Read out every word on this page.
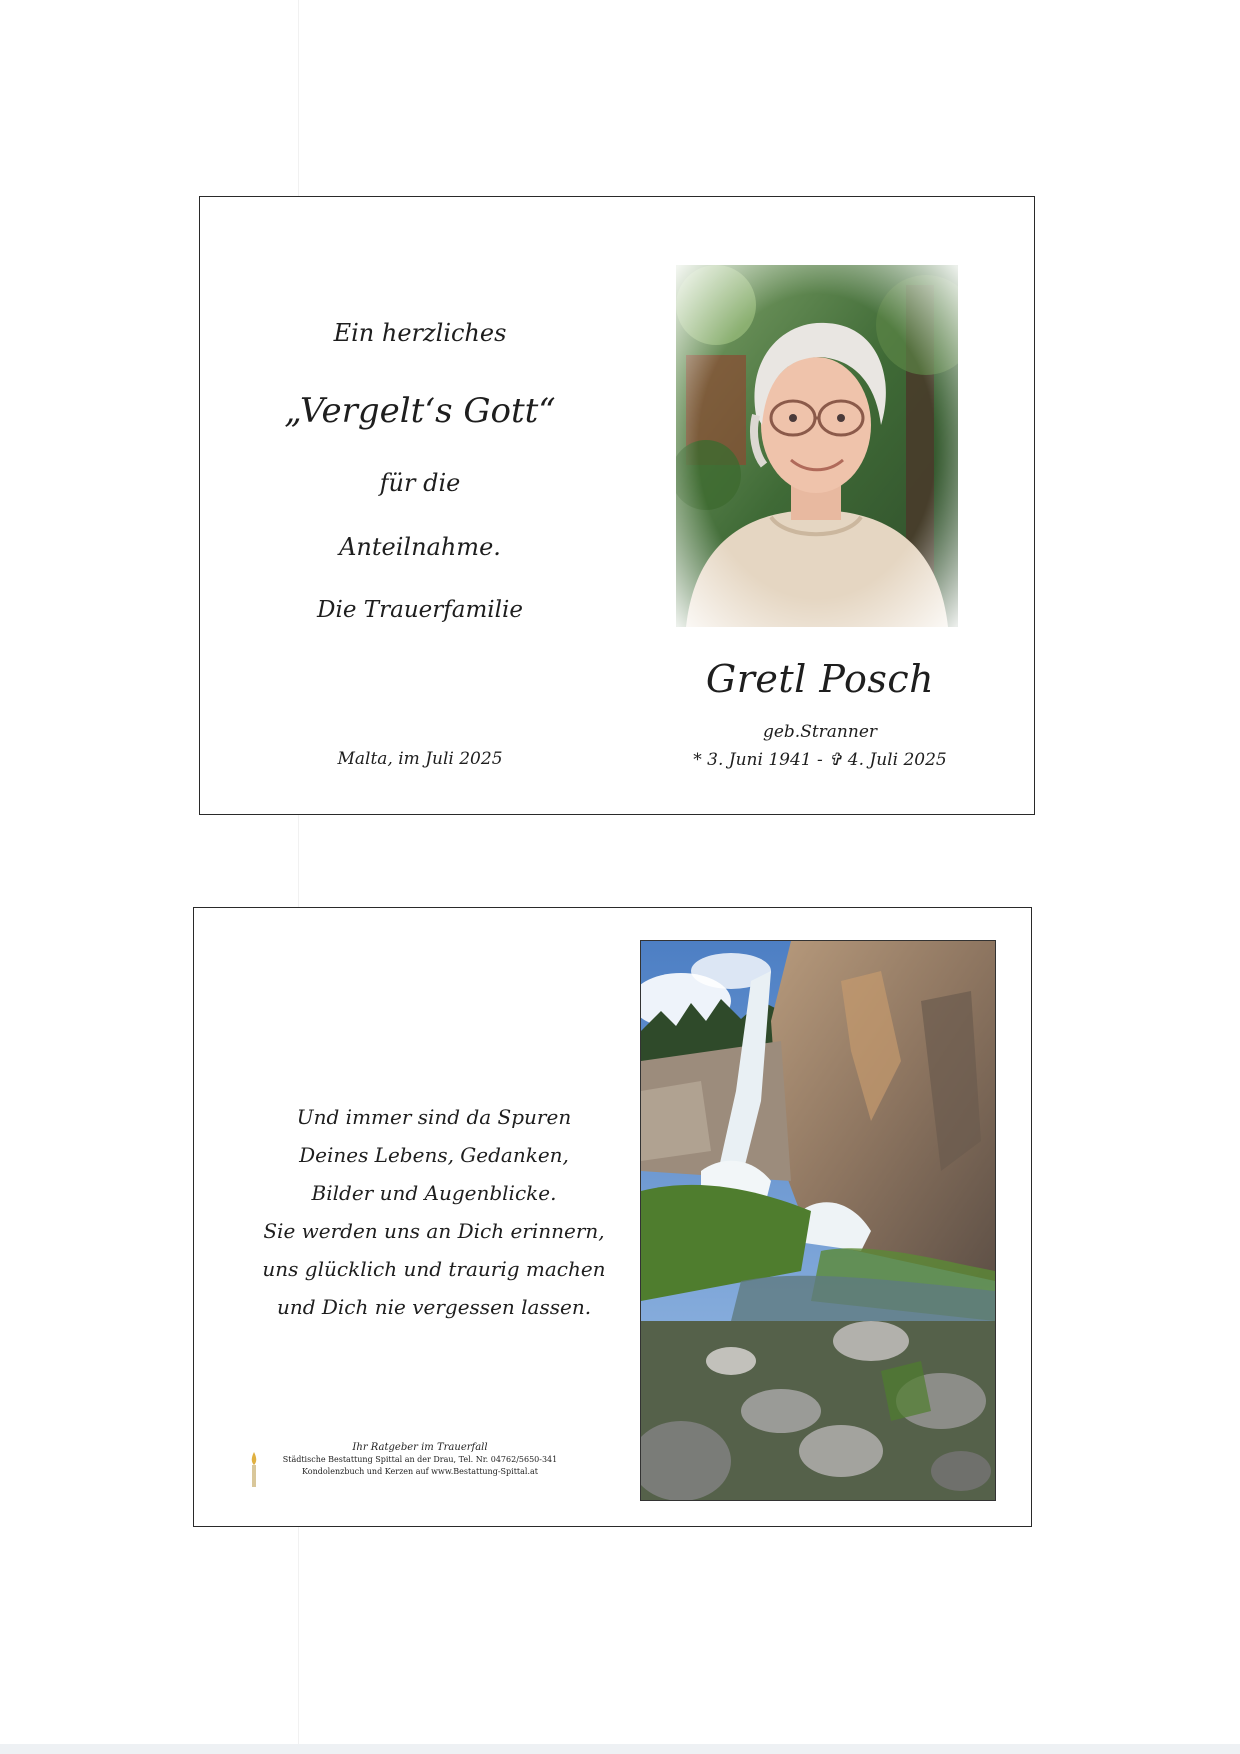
Ein herzliches
„Vergelt‘s Gott“
für die
Anteilnahme.
Die Trauerfamilie
Malta, im Juli 2025
Gretl Posch
geb.Stranner
* 3. Juni 1941 - ✞ 4. Juli 2025
Und immer sind da Spuren
Deines Lebens, Gedanken,
Bilder und Augenblicke.
Sie werden uns an Dich erinnern,
uns glücklich und traurig machen
und Dich nie vergessen lassen.
Ihr Ratgeber im Trauerfall
Städtische Bestattung Spittal an der Drau, Tel. Nr. 04762/5650-341
Kondolenzbuch und Kerzen auf www.Bestattung-Spittal.at
